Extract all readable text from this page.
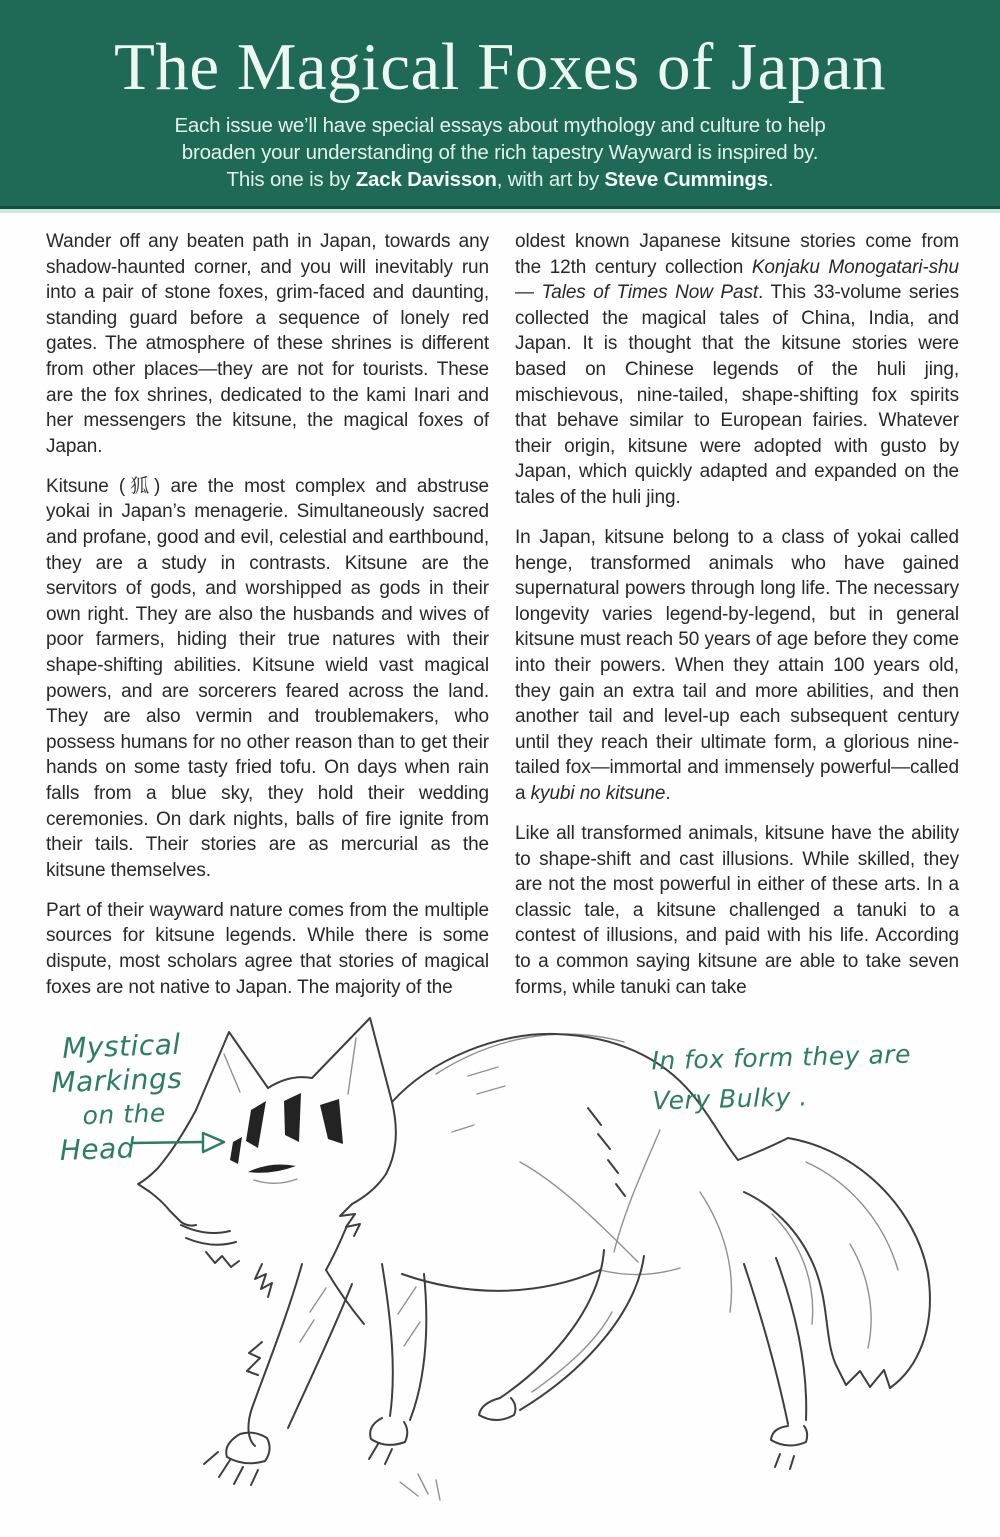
The Magical Foxes of Japan
Each issue we’ll have special essays about mythology and culture to help
broaden your understanding of the rich tapestry Wayward is inspired by.
This one is by Zack Davisson, with art by Steve Cummings.

Wander off any beaten path in Japan, towards any shadow-haunted corner, and you will inevitably run into a pair of stone foxes, grim-faced and daunting, standing guard before a sequence of lonely red gates. The atmosphere of these shrines is different from other places—they are not for tourists. These are the fox shrines, dedicated to the kami Inari and her messengers the kitsune, the magical foxes of Japan.

Kitsune (狐) are the most complex and abstruse yokai in Japan’s menagerie. Simultaneously sacred and profane, good and evil, celestial and earthbound, they are a study in contrasts. Kitsune are the servitors of gods, and worshipped as gods in their own right. They are also the husbands and wives of poor farmers, hiding their true natures with their shape-shifting abilities. Kitsune wield vast magical powers, and are sorcerers feared across the land. They are also vermin and troublemakers, who possess humans for no other reason than to get their hands on some tasty fried tofu. On days when rain falls from a blue sky, they hold their wedding ceremonies. On dark nights, balls of fire ignite from their tails. Their stories are as mercurial as the kitsune themselves.

Part of their wayward nature comes from the multiple sources for kitsune legends. While there is some dispute, most scholars agree that stories of magical foxes are not native to Japan. The majority of the

oldest known Japanese kitsune stories come from the 12th century collection Konjaku Monogatari-shu — Tales of Times Now Past. This 33-volume series collected the magical tales of China, India, and Japan. It is thought that the kitsune stories were based on Chinese legends of the huli jing, mischievous, nine-tailed, shape-shifting fox spirits that behave similar to European fairies. Whatever their origin, kitsune were adopted with gusto by Japan, which quickly adapted and expanded on the tales of the huli jing.

In Japan, kitsune belong to a class of yokai called henge, transformed animals who have gained supernatural powers through long life. The necessary longevity varies legend-by-legend, but in general kitsune must reach 50 years of age before they come into their powers. When they attain 100 years old, they gain an extra tail and more abilities, and then another tail and level-up each subsequent century until they reach their ultimate form, a glorious nine-tailed fox—immortal and immensely powerful—called a kyubi no kitsune.

Like all transformed animals, kitsune have the ability to shape-shift and cast illusions. While skilled, they are not the most powerful in either of these arts. In a classic tale, a kitsune challenged a tanuki to a contest of illusions, and paid with his life. According to a common saying kitsune are able to take seven forms, while tanuki can take

Mystical
Markings
on the
Head
In fox form they are
Very Bulky .
